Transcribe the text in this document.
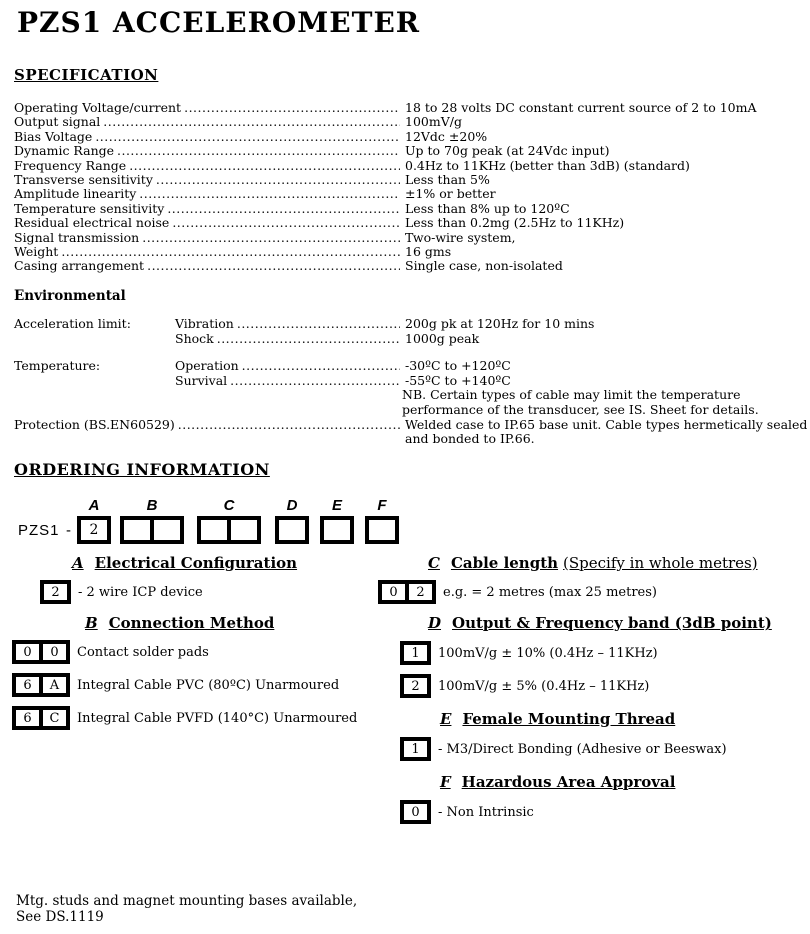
PZS1 ACCELEROMETER
SPECIFICATION
Operating Voltage/current .....	18 to 28 volts DC constant current source of 2 to 10mA
Output signal .....	100mV/g
Bias Voltage .....	12Vdc ±20%
Dynamic Range .....	Up to 70g peak (at 24Vdc input)
Frequency Range .....	0.4Hz to 11KHz (better than 3dB) (standard)
Transverse sensitivity .....	Less than 5%
Amplitude linearity .....	±1% or better
Temperature sensitivity .....	Less than 8% up to 120ºC
Residual electrical noise .....	Less than 0.2mg (2.5Hz to 11KHz)
Signal transmission .....	Two-wire system,
Weight .....	16 gms
Casing arrangement .....	Single case, non-isolated
Environmental
Acceleration limit:	Vibration .....	200g pk at 120Hz for 10 mins
Shock .....	1000g peak
Temperature:	Operation .....	-30ºC to +120ºC
Survival .....	-55ºC to +140ºC
NB. Certain types of cable may limit the temperature
performance of the transducer, see IS. Sheet for details.
Protection (BS.EN60529) .....	Welded case to IP.65 base unit. Cable types hermetically sealed
and bonded to IP.66.
ORDERING INFORMATION
PZS1 -
A
2
B	C	D	E	F
A Electrical Configuration
2	- 2 wire ICP device
B Connection Method
0	0	Contact solder pads
6	A	Integral Cable PVC (80ºC) Unarmoured
6	C	Integral Cable PVFD (140°C) Unarmoured
C Cable length (Specify in whole metres)
0	2	e.g. = 2 metres (max 25 metres)
D Output & Frequency band (3dB point)
1	100mV/g ± 10% (0.4Hz – 11KHz)
2	100mV/g ± 5% (0.4Hz – 11KHz)
E Female Mounting Thread
1	- M3/Direct Bonding (Adhesive or Beeswax)
F Hazardous Area Approval
0	- Non Intrinsic
Mtg. studs and magnet mounting bases available,
See DS.1119
